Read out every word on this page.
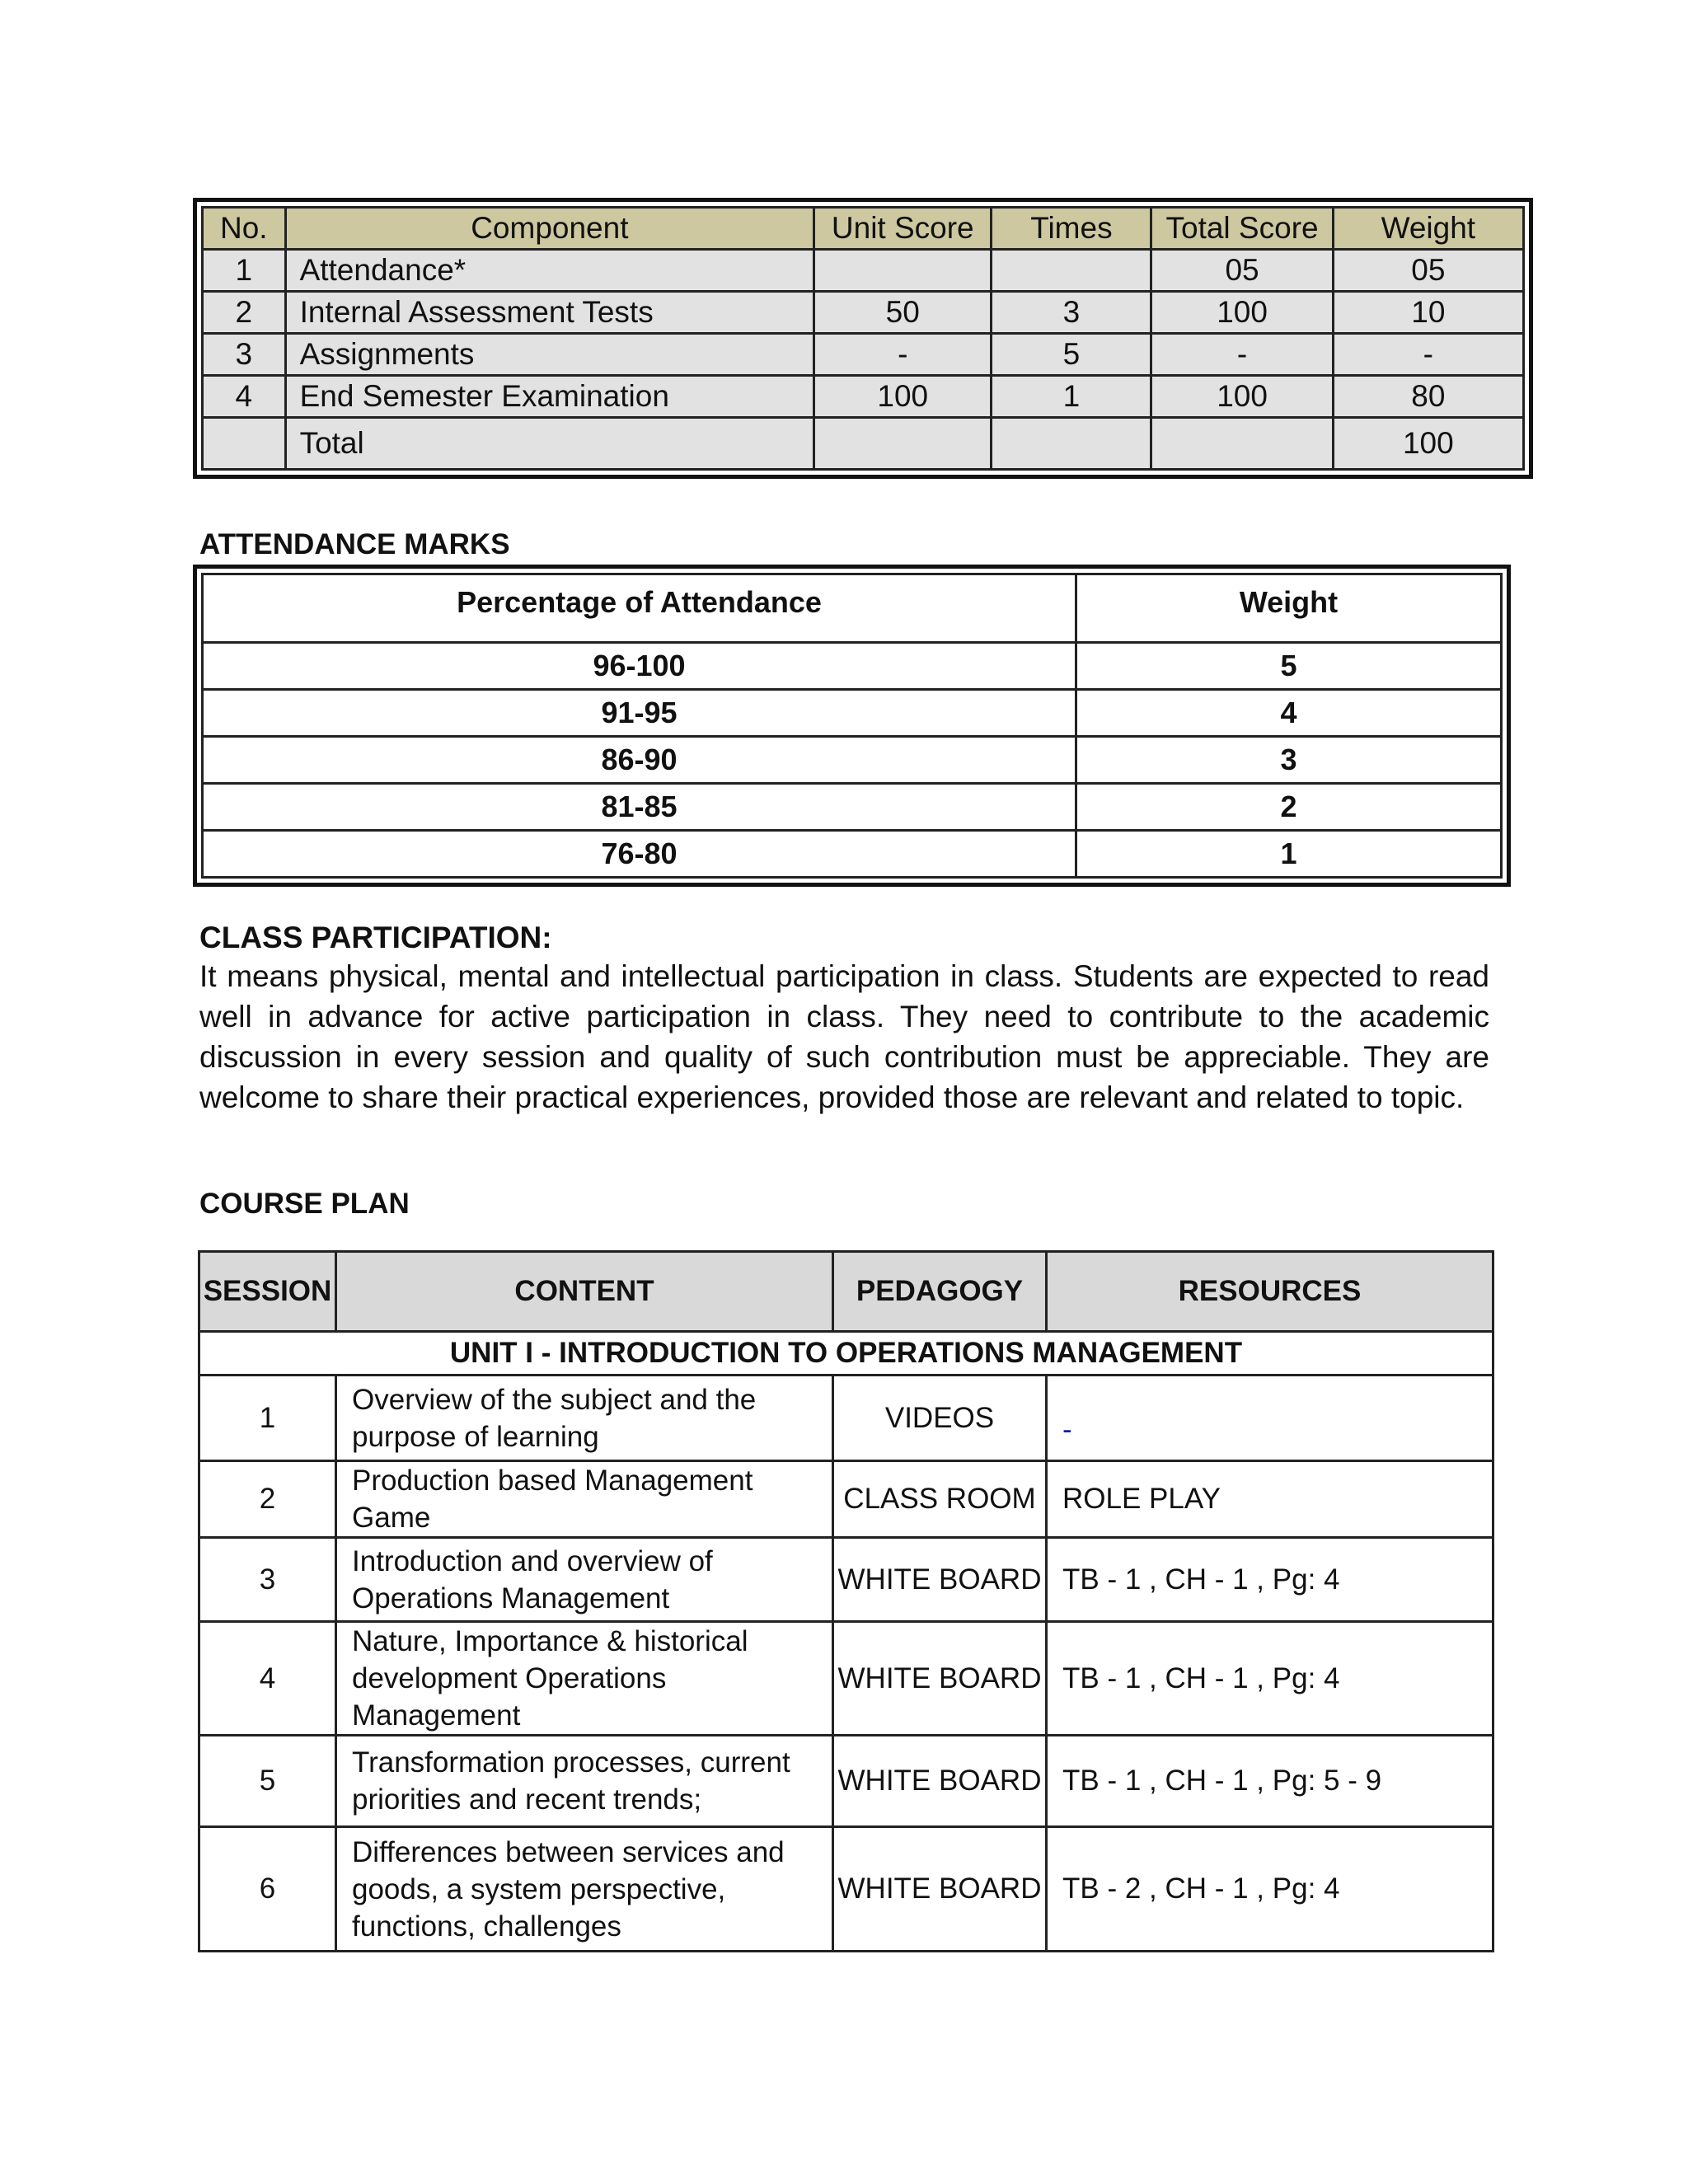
No.	Component	Unit Score	Times	Total Score	Weight
1	Attendance*			05	05
2	Internal Assessment Tests	50	3	100	10
3	Assignments	-	5	-	-
4	End Semester Examination	100	1	100	80
	Total				100
ATTENDANCE MARKS
Percentage of Attendance	Weight
96-100	5
91-95	4
86-90	3
81-85	2
76-80	1
CLASS PARTICIPATION:

It means physical, mental and intellectual participation in class. Students are expected to read well in advance for active participation in class. They need to contribute to the academic discussion in every session and quality of such contribution must be appreciable. They are welcome to share their practical experiences, provided those are relevant and related to topic.

COURSE PLAN
SESSION	CONTENT	PEDAGOGY	RESOURCES
UNIT I - INTRODUCTION TO OPERATIONS MANAGEMENT			
1	Overview of the subject and the purpose of learning	VIDEOS	-
2	Production based Management Game	CLASS ROOM	ROLE PLAY
3	Introduction and overview of Operations Management	WHITE BOARD	TB - 1 , CH - 1 , Pg: 4
4	Nature, Importance & historical development Operations Management	WHITE BOARD	TB - 1 , CH - 1 , Pg: 4
5	Transformation processes, current priorities and recent trends;	WHITE BOARD	TB - 1 , CH - 1 , Pg: 5 - 9
6	Differences between services and goods, a system perspective, functions, challenges	WHITE BOARD	TB - 2 , CH - 1 , Pg: 4
